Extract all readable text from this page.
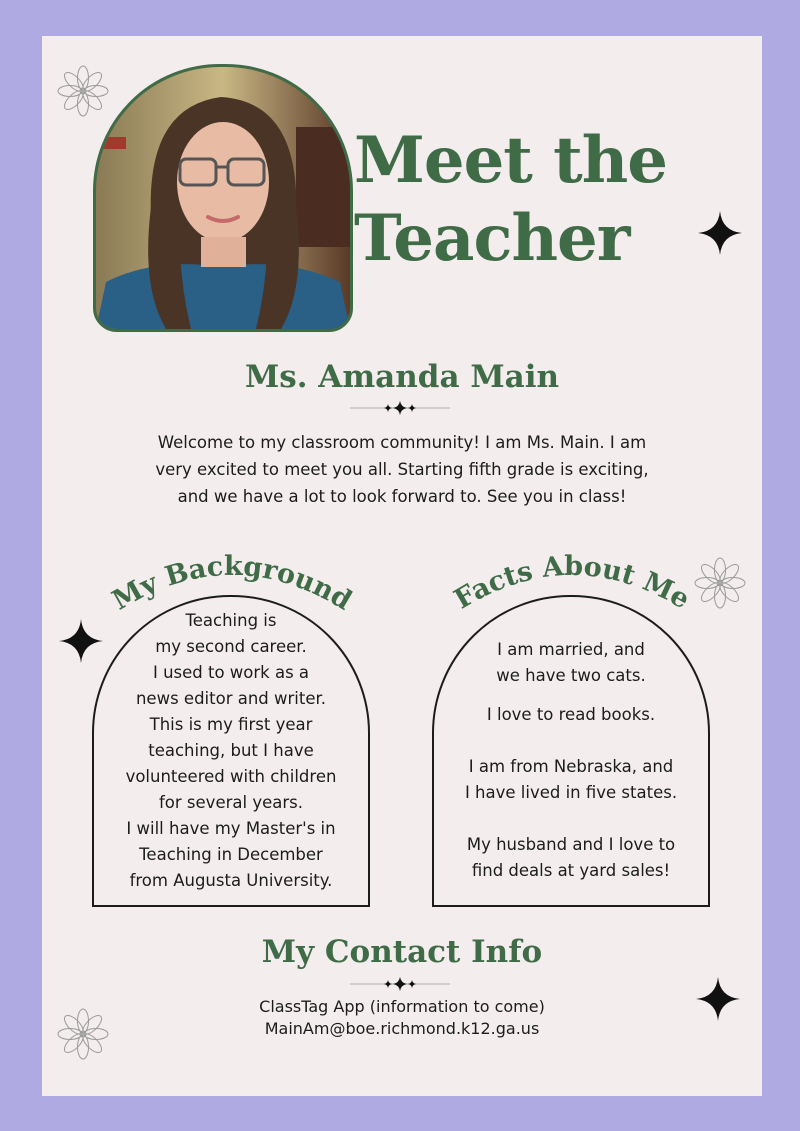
Meet the
Teacher
Ms. Amanda Main
Welcome to my classroom community! I am Ms. Main. I am
very excited to meet you all. Starting fifth grade is exciting,
and we have a lot to look forward to. See you in class!
My Background	Facts About Me
Teaching is
my second career.
I used to work as a
news editor and writer.
This is my first year
teaching, but I have
volunteered with children
for several years.
I will have my Master's in
Teaching in December
from Augusta University.
I am married, and
we have two cats.
I love to read books.
I am from Nebraska, and
I have lived in five states.
My husband and I love to
find deals at yard sales!
My Contact Info
ClassTag App (information to come)
MainAm@boe.richmond.k12.ga.us
